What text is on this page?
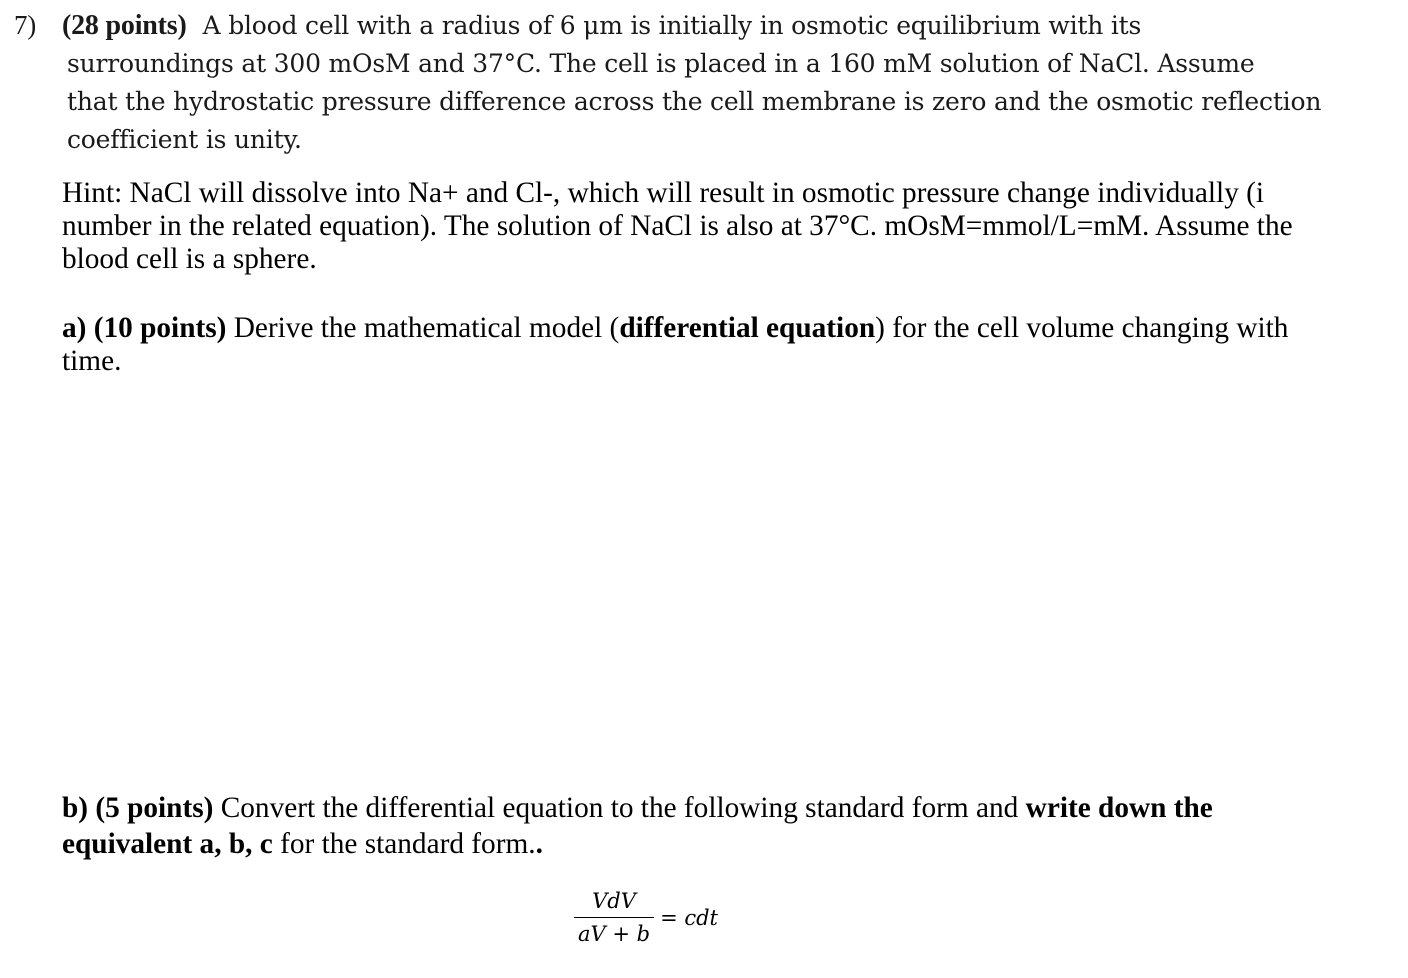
7) (28 points) A blood cell with a radius of 6 μm is initially in osmotic equilibrium with its
surroundings at 300 mOsM and 37°C. The cell is placed in a 160 mM solution of NaCl. Assume
that the hydrostatic pressure difference across the cell membrane is zero and the osmotic reflection
coefficient is unity.
Hint: NaCl will dissolve into Na+ and Cl-, which will result in osmotic pressure change individually (i
number in the related equation). The solution of NaCl is also at 37°C. mOsM=mmol/L=mM. Assume the
blood cell is a sphere.
a) (10 points) Derive the mathematical model (differential equation) for the cell volume changing with
time.
b) (5 points) Convert the differential equation to the following standard form and write down the
equivalent a, b, c for the standard form..
$\frac{\text{VdV}}{aV + b}$ = cdt
